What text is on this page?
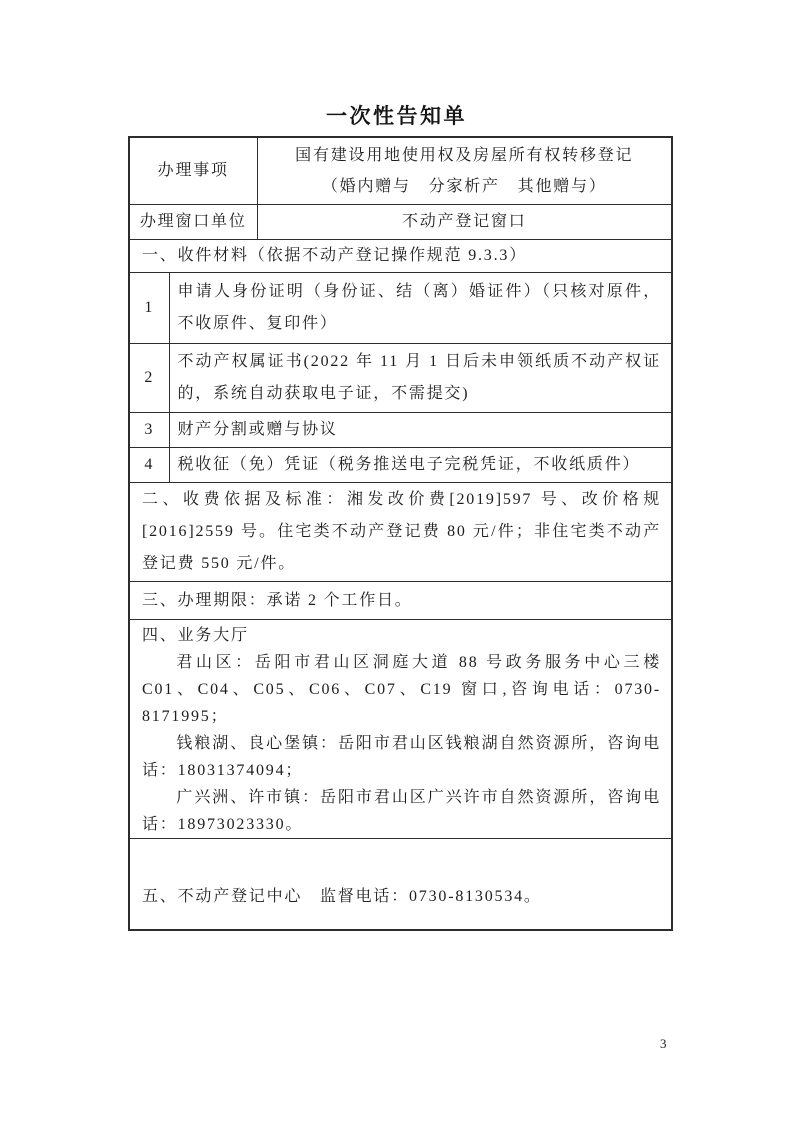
一次性告知单
办理事项		国有建设用地使用权及房屋所有权转移登记
（婚内赠与　分家析产　其他赠与）

办理窗口单位		不动产登记窗口
一、收件材料（依据不动产登记操作规范 9.3.3）		
1	申请人身份证明（身份证、结（离）婚证件）（只核对原件，不收原件、复印件）	
2	不动产权属证书(2022 年 11 月 1 日后未申领纸质不动产权证的，系统自动获取电子证，不需提交)	
3	财产分割或赠与协议	
4	税收征（免）凭证（税务推送电子完税凭证，不收纸质件）	
二、收费依据及标准：湘发改价费[2019]597 号、改价格规[2016]2559 号。住宅类不动产登记费 80 元/件；非住宅类不动产登记费 550 元/件。		
三、办理期限：承诺 2 个工作日。		

四、业务大厅

君山区：岳阳市君山区洞庭大道 88 号政务服务中心三楼 C01、C04、C05、C06、C07、C19 窗口,咨询电话：0730-8171995；

钱粮湖、良心堡镇：岳阳市君山区钱粮湖自然资源所，咨询电话：18031374094；

广兴洲、许市镇：岳阳市君山区广兴许市自然资源所，咨询电话：18973023330。		

五、不动产登记中心　监督电话：0730-8130534。		
3
